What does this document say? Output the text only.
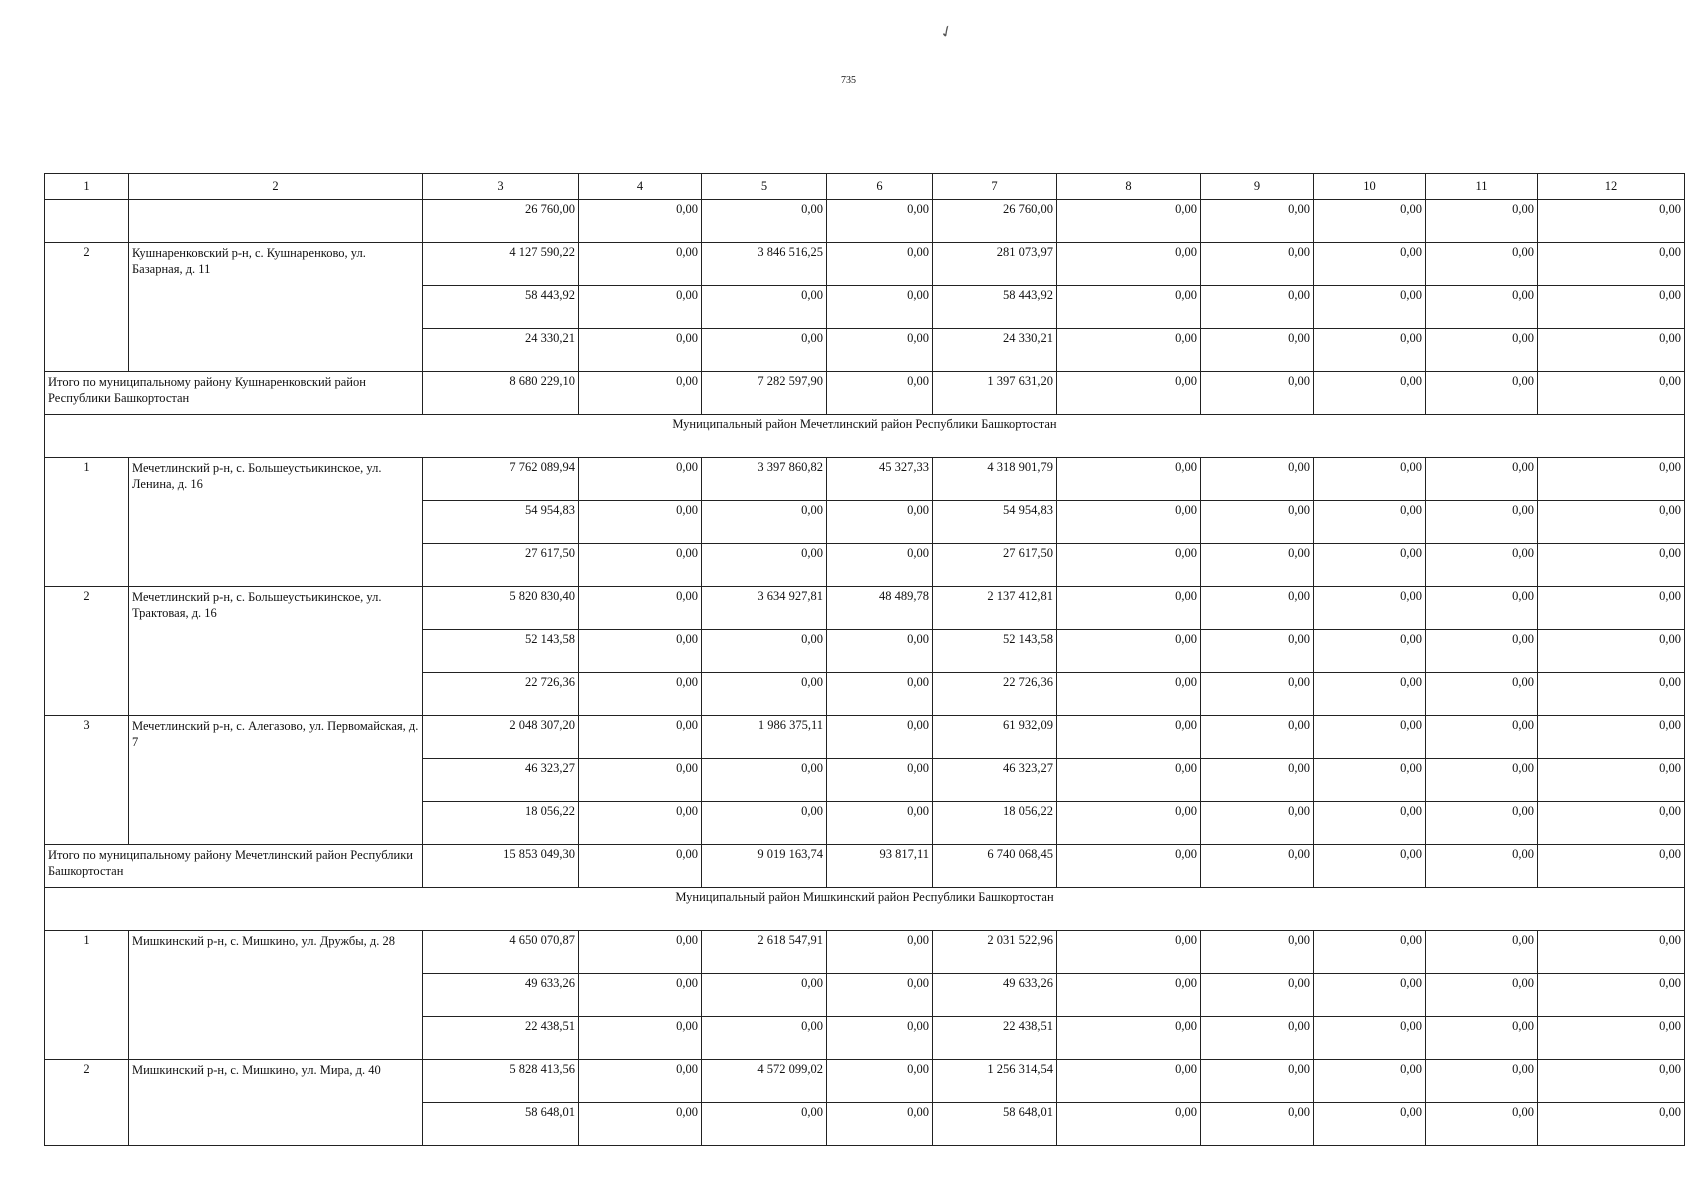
735
✓
1	2	3	4	5	6	7	8	9	10	11	12
		26 760,00	0,00	0,00	0,00	26 760,00	0,00	0,00	0,00	0,00	0,00
2	Кушнаренковский р-н, с. Кушнаренково, ул. Базарная, д. 11	4 127 590,22	0,00	3 846 516,25	0,00	281 073,97	0,00	0,00	0,00	0,00	0,00
		58 443,92	0,00	0,00	0,00	58 443,92	0,00	0,00	0,00	0,00	0,00
		24 330,21	0,00	0,00	0,00	24 330,21	0,00	0,00	0,00	0,00	0,00
Итого по муниципальному району Кушнаренковский район Республики Башкортостан		8 680 229,10	0,00	7 282 597,90	0,00	1 397 631,20	0,00	0,00	0,00	0,00	0,00
Муниципальный район Мечетлинский район Республики Башкортостан											
1	Мечетлинский р-н, с. Большеустьикинское, ул. Ленина, д. 16	7 762 089,94	0,00	3 397 860,82	45 327,33	4 318 901,79	0,00	0,00	0,00	0,00	0,00
		54 954,83	0,00	0,00	0,00	54 954,83	0,00	0,00	0,00	0,00	0,00
		27 617,50	0,00	0,00	0,00	27 617,50	0,00	0,00	0,00	0,00	0,00
2	Мечетлинский р-н, с. Большеустьикинское, ул. Трактовая, д. 16	5 820 830,40	0,00	3 634 927,81	48 489,78	2 137 412,81	0,00	0,00	0,00	0,00	0,00
		52 143,58	0,00	0,00	0,00	52 143,58	0,00	0,00	0,00	0,00	0,00
		22 726,36	0,00	0,00	0,00	22 726,36	0,00	0,00	0,00	0,00	0,00
3	Мечетлинский р-н, с. Алегазово, ул. Первомайская, д. 7	2 048 307,20	0,00	1 986 375,11	0,00	61 932,09	0,00	0,00	0,00	0,00	0,00
		46 323,27	0,00	0,00	0,00	46 323,27	0,00	0,00	0,00	0,00	0,00
		18 056,22	0,00	0,00	0,00	18 056,22	0,00	0,00	0,00	0,00	0,00
Итого по муниципальному району Мечетлинский район Республики Башкортостан		15 853 049,30	0,00	9 019 163,74	93 817,11	6 740 068,45	0,00	0,00	0,00	0,00	0,00
Муниципальный район Мишкинский район Республики Башкортостан											
1	Мишкинский р-н, с. Мишкино, ул. Дружбы, д. 28	4 650 070,87	0,00	2 618 547,91	0,00	2 031 522,96	0,00	0,00	0,00	0,00	0,00
		49 633,26	0,00	0,00	0,00	49 633,26	0,00	0,00	0,00	0,00	0,00
		22 438,51	0,00	0,00	0,00	22 438,51	0,00	0,00	0,00	0,00	0,00
2	Мишкинский р-н, с. Мишкино, ул. Мира, д. 40	5 828 413,56	0,00	4 572 099,02	0,00	1 256 314,54	0,00	0,00	0,00	0,00	0,00
		58 648,01	0,00	0,00	0,00	58 648,01	0,00	0,00	0,00	0,00	0,00
